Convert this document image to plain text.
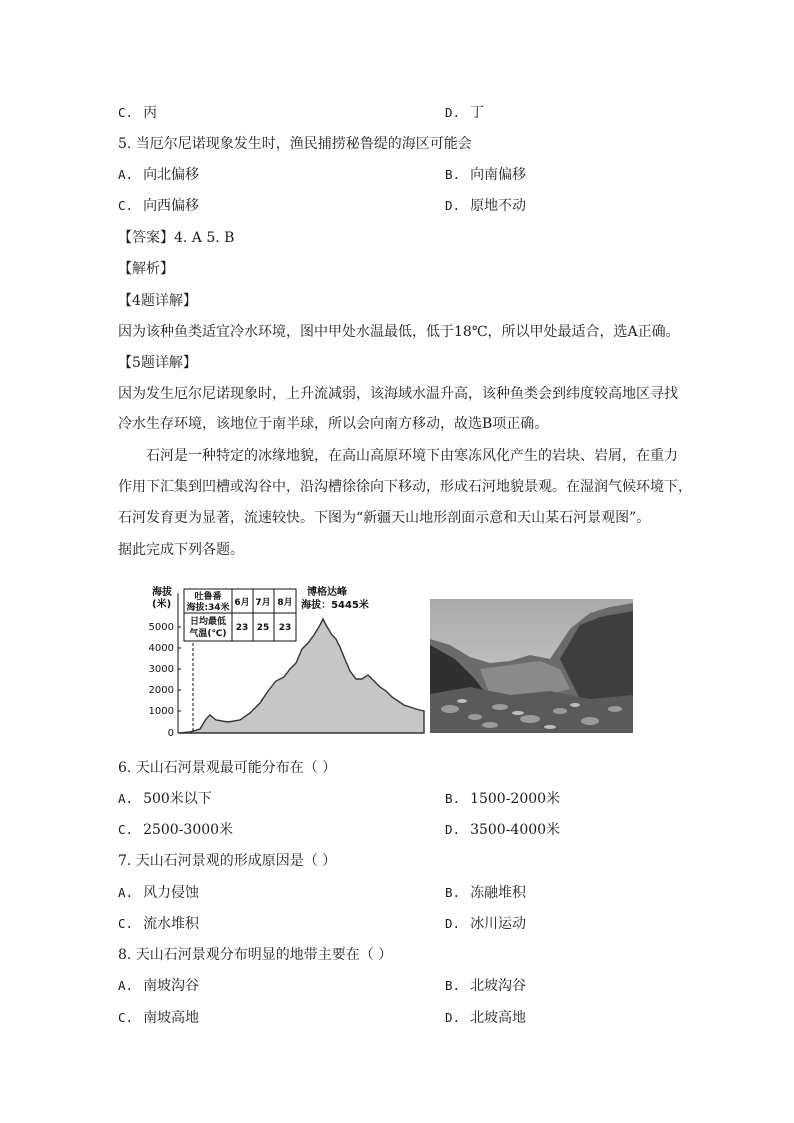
C. 丙	D. 丁
5. 当厄尔尼诺现象发生时，渔民捕捞秘鲁缇的海区可能会
A. 向北偏移	B. 向南偏移
C. 向西偏移	D. 原地不动
【答案】4. A 5. B
【解析】
【4题详解】
因为该种鱼类适宜冷水环境，图中甲处水温最低，低于18℃，所以甲处最适合，选A正确。
【5题详解】
因为发生厄尔尼诺现象时，上升流减弱，该海域水温升高，该种鱼类会到纬度较高地区寻找
冷水生存环境，该地位于南半球，所以会向南方移动，故选B项正确。
石河是一种特定的冰缘地貌，在高山高原环境下由寒冻风化产生的岩块、岩屑，在重力
作用下汇集到凹槽或沟谷中，沿沟槽徐徐向下移动，形成石河地貌景观。在湿润气候环境下，
石河发育更为显著，流速较快。下图为“新疆天山地形剖面示意和天山某石河景观图”。
据此完成下列各题。
海拔
(米)
5000
4000
3000
2000
1000
0
吐鲁番
海拔:34米 6月 7月 8月
日均最低
气温(℃)
23 25 23
博格达峰
海拔：5445米
6. 天山石河景观最可能分布在（ ）
A. 500米以下	B. 1500-2000米
C. 2500-3000米	D. 3500-4000米
7. 天山石河景观的形成原因是（ ）
A. 风力侵蚀	B. 冻融堆积
C. 流水堆积	D. 冰川运动
8. 天山石河景观分布明显的地带主要在（ ）
A. 南坡沟谷	B. 北坡沟谷
C. 南坡高地	D. 北坡高地
